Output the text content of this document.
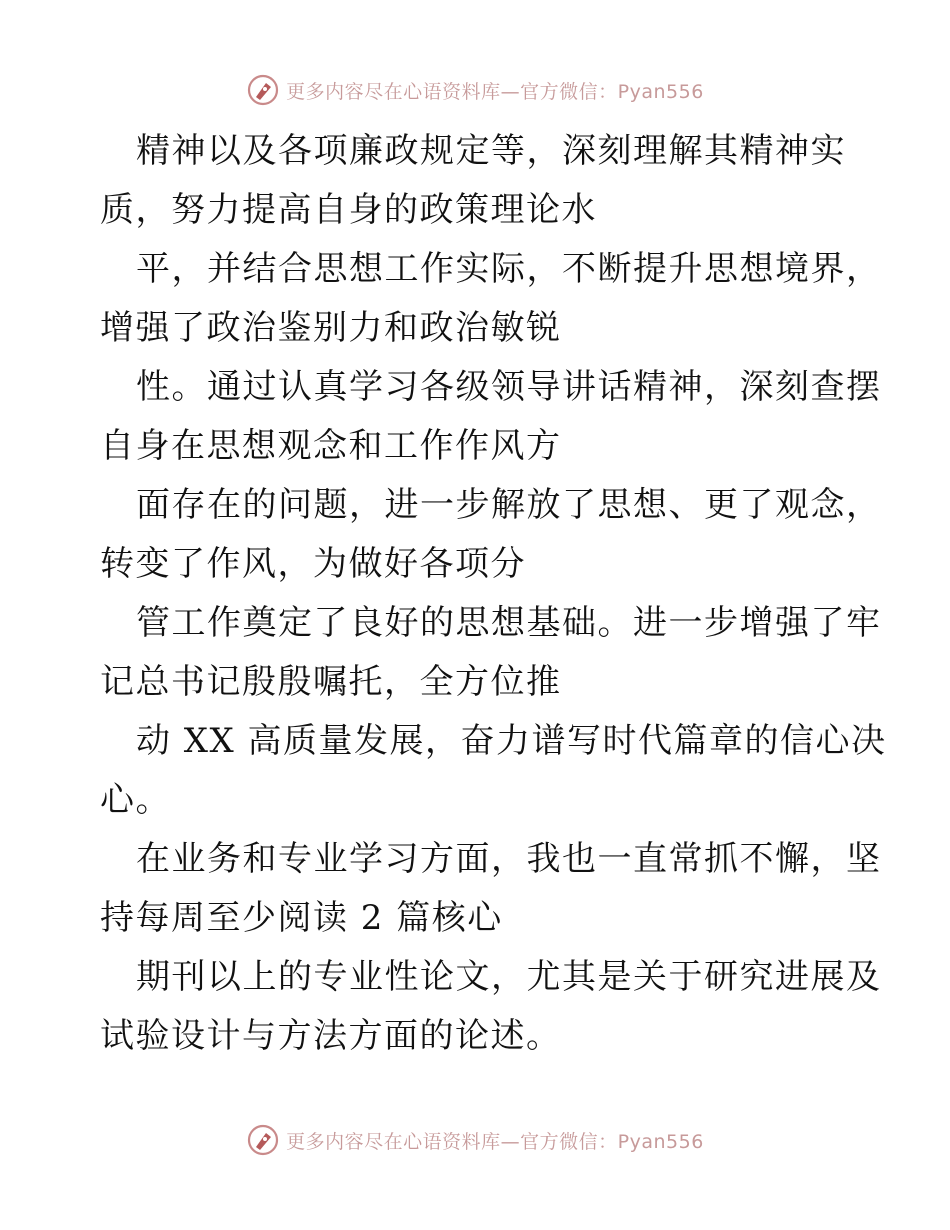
更多内容尽在心语资料库—官方微信：Pyan556
精神以及各项廉政规定等，深刻理解其精神实
质，努力提高自身的政策理论水
平，并结合思想工作实际，不断提升思想境界，
增强了政治鉴别力和政治敏锐
性。通过认真学习各级领导讲话精神，深刻查摆
自身在思想观念和工作作风方
面存在的问题，进一步解放了思想、更了观念，
转变了作风，为做好各项分
管工作奠定了良好的思想基础。进一步增强了牢
记总书记殷殷嘱托，全方位推
动 XX 高质量发展，奋力谱写时代篇章的信心决
心。
在业务和专业学习方面，我也一直常抓不懈，坚
持每周至少阅读 2 篇核心
期刊以上的专业性论文，尤其是关于研究进展及
试验设计与方法方面的论述。
更多内容尽在心语资料库—官方微信：Pyan556
